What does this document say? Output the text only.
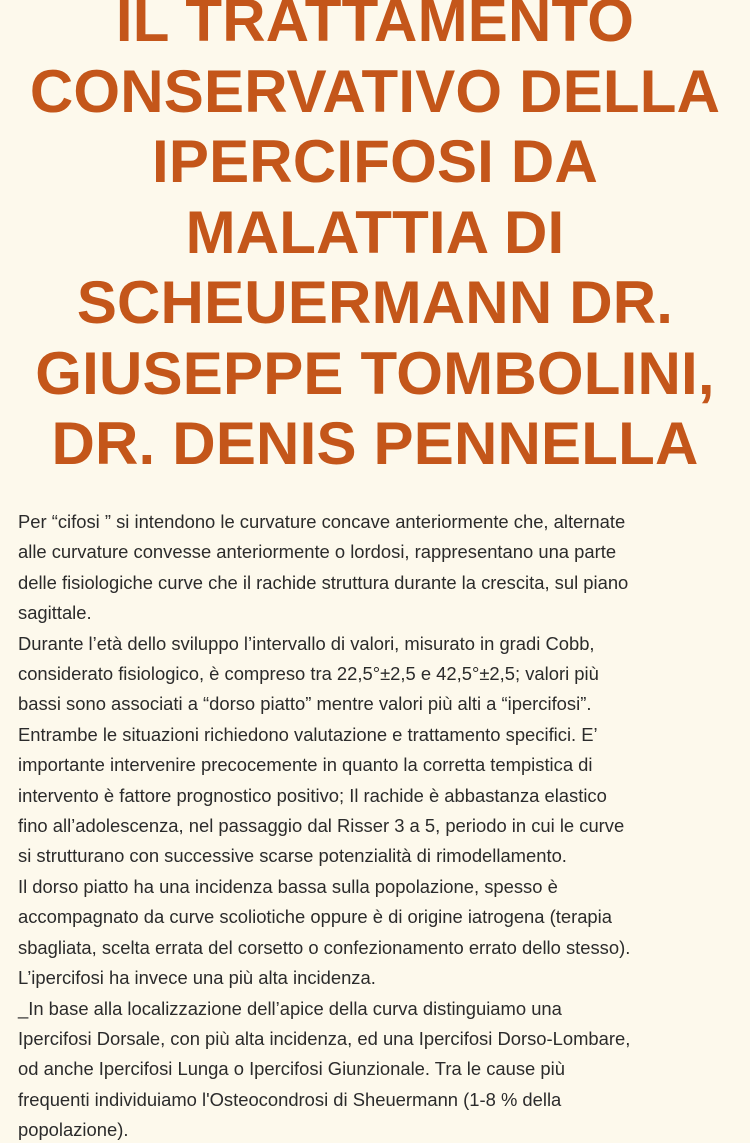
IL TRATTAMENTO
CONSERVATIVO DELLA
IPERCIFOSI DA
MALATTIA DI
SCHEUERMANN DR.
GIUSEPPE TOMBOLINI,
DR. DENIS PENNELLA
Per “cifosi ” si intendono le curvature concave anteriormente che, alternate
alle curvature convesse anteriormente o lordosi, rappresentano una parte
delle fisiologiche curve che il rachide struttura durante la crescita, sul piano
sagittale.
Durante l’età dello sviluppo l’intervallo di valori, misurato in gradi Cobb,
considerato fisiologico, è compreso tra 22,5°±2,5 e 42,5°±2,5; valori più
bassi sono associati a “dorso piatto” mentre valori più alti a “ipercifosi”.
Entrambe le situazioni richiedono valutazione e trattamento specifici. E’
importante intervenire precocemente in quanto la corretta tempistica di
intervento è fattore prognostico positivo; Il rachide è abbastanza elastico
fino all’adolescenza, nel passaggio dal Risser 3 a 5, periodo in cui le curve
si strutturano con successive scarse potenzialità di rimodellamento.
Il dorso piatto ha una incidenza bassa sulla popolazione, spesso è
accompagnato da curve scoliotiche oppure è di origine iatrogena (terapia
sbagliata, scelta errata del corsetto o confezionamento errato dello stesso).
L’ipercifosi ha invece una più alta incidenza.
_In base alla localizzazione dell’apice della curva distinguiamo una
Ipercifosi Dorsale, con più alta incidenza, ed una Ipercifosi Dorso-Lombare,
od anche Ipercifosi Lunga o Ipercifosi Giunzionale. Tra le cause più
frequenti individuiamo l'Osteocondrosi di Sheuermann (1-8 % della
popolazione).
